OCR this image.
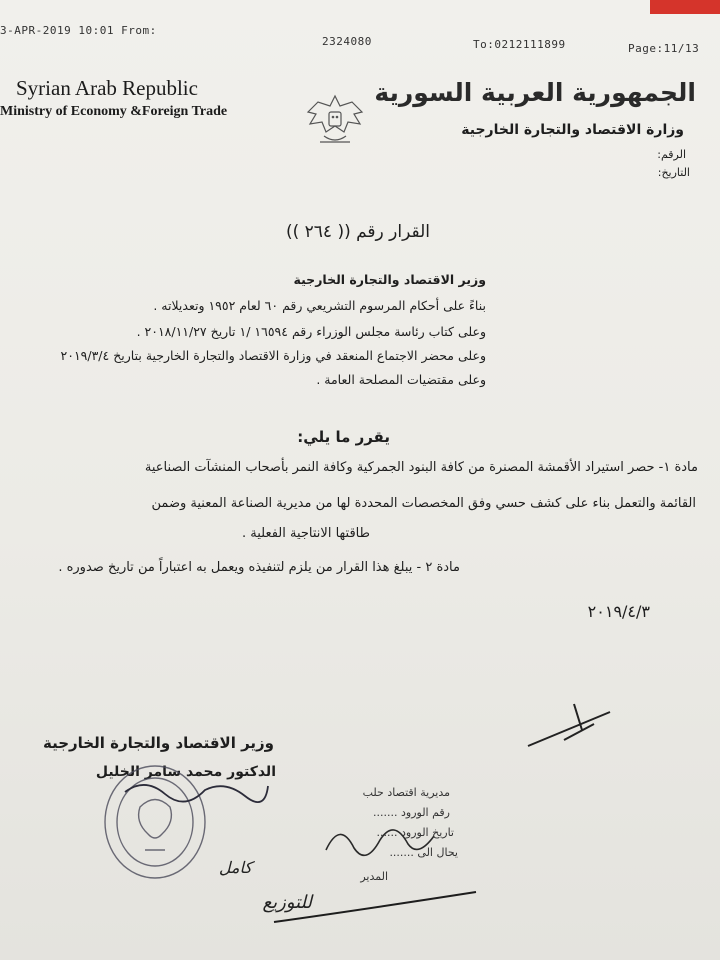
3-APR-2019 10:01 From:
2324080	To:0212111899	Page:11/13
Syrian Arab Republic
Ministry of Economy &Foreign Trade
الجمهورية العربية السورية
وزارة الاقتصاد والتجارة الخارجية
الرقم:
التاريخ:
القرار رقم (( ٢٦٤ ))
وزير الاقتصاد والتجارة الخارجية
بناءً على أحكام المرسوم التشريعي رقم ٦٠ لعام ١٩٥٢ وتعديلاته .
وعلى كتاب رئاسة مجلس الوزراء رقم ١٦٥٩٤ /١ تاريخ ٢٠١٨/١١/٢٧ .
وعلى محضر الاجتماع المنعقد في وزارة الاقتصاد والتجارة الخارجية بتاريخ ٢٠١٩/٣/٤
وعلى مقتضيات المصلحة العامة .
يقرر ما يلي:
مادة ١- حصر استيراد الأقمشة المصنرة من كافة البنود الجمركية وكافة النمر بأصحاب المنشآت الصناعية
القائمة والتعمل بناء على كشف حسي وفق المخصصات المحددة لها من مديرية الصناعة المعنية وضمن
طاقتها الانتاجية الفعلية .
مادة ٢ - يبلغ هذا القرار من يلزم لتنفيذه ويعمل به اعتباراً من تاريخ صدوره .
٢٠١٩/٤/٣
وزير الاقتصاد والتجارة الخارجية
الدكتور محمد سامر الخليل
مديرية اقتصاد حلب
رقم الورود .......
تاريخ الورود ......
يحال الى .......
المدير
كامل
للتوزيع
